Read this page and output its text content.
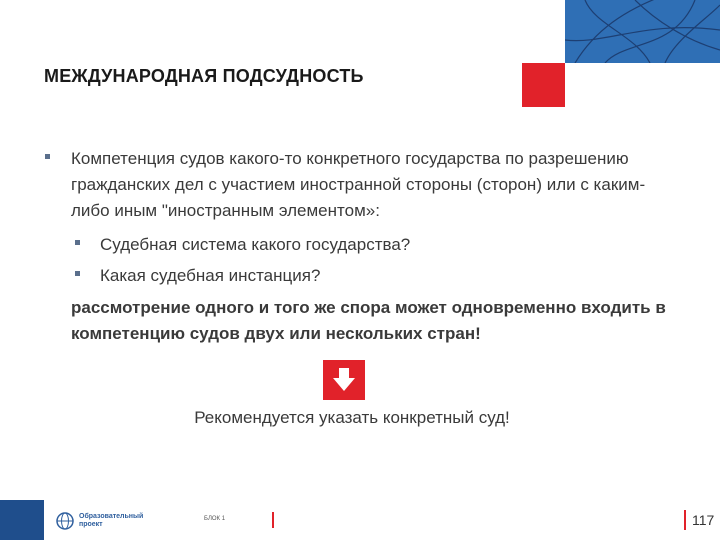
МЕЖДУНАРОДНАЯ ПОДСУДНОСТЬ
Компетенция судов какого-то конкретного государства по разрешению гражданских дел с участием иностранной стороны (сторон) или с каким-либо иным "иностранным элементом»:
Судебная система какого государства?
Какая судебная инстанция?
рассмотрение одного и того же спора может одновременно входить в компетенцию судов двух или нескольких стран!
Рекомендуется указать конкретный суд!
Образовательный проект
БЛОК 1	117
